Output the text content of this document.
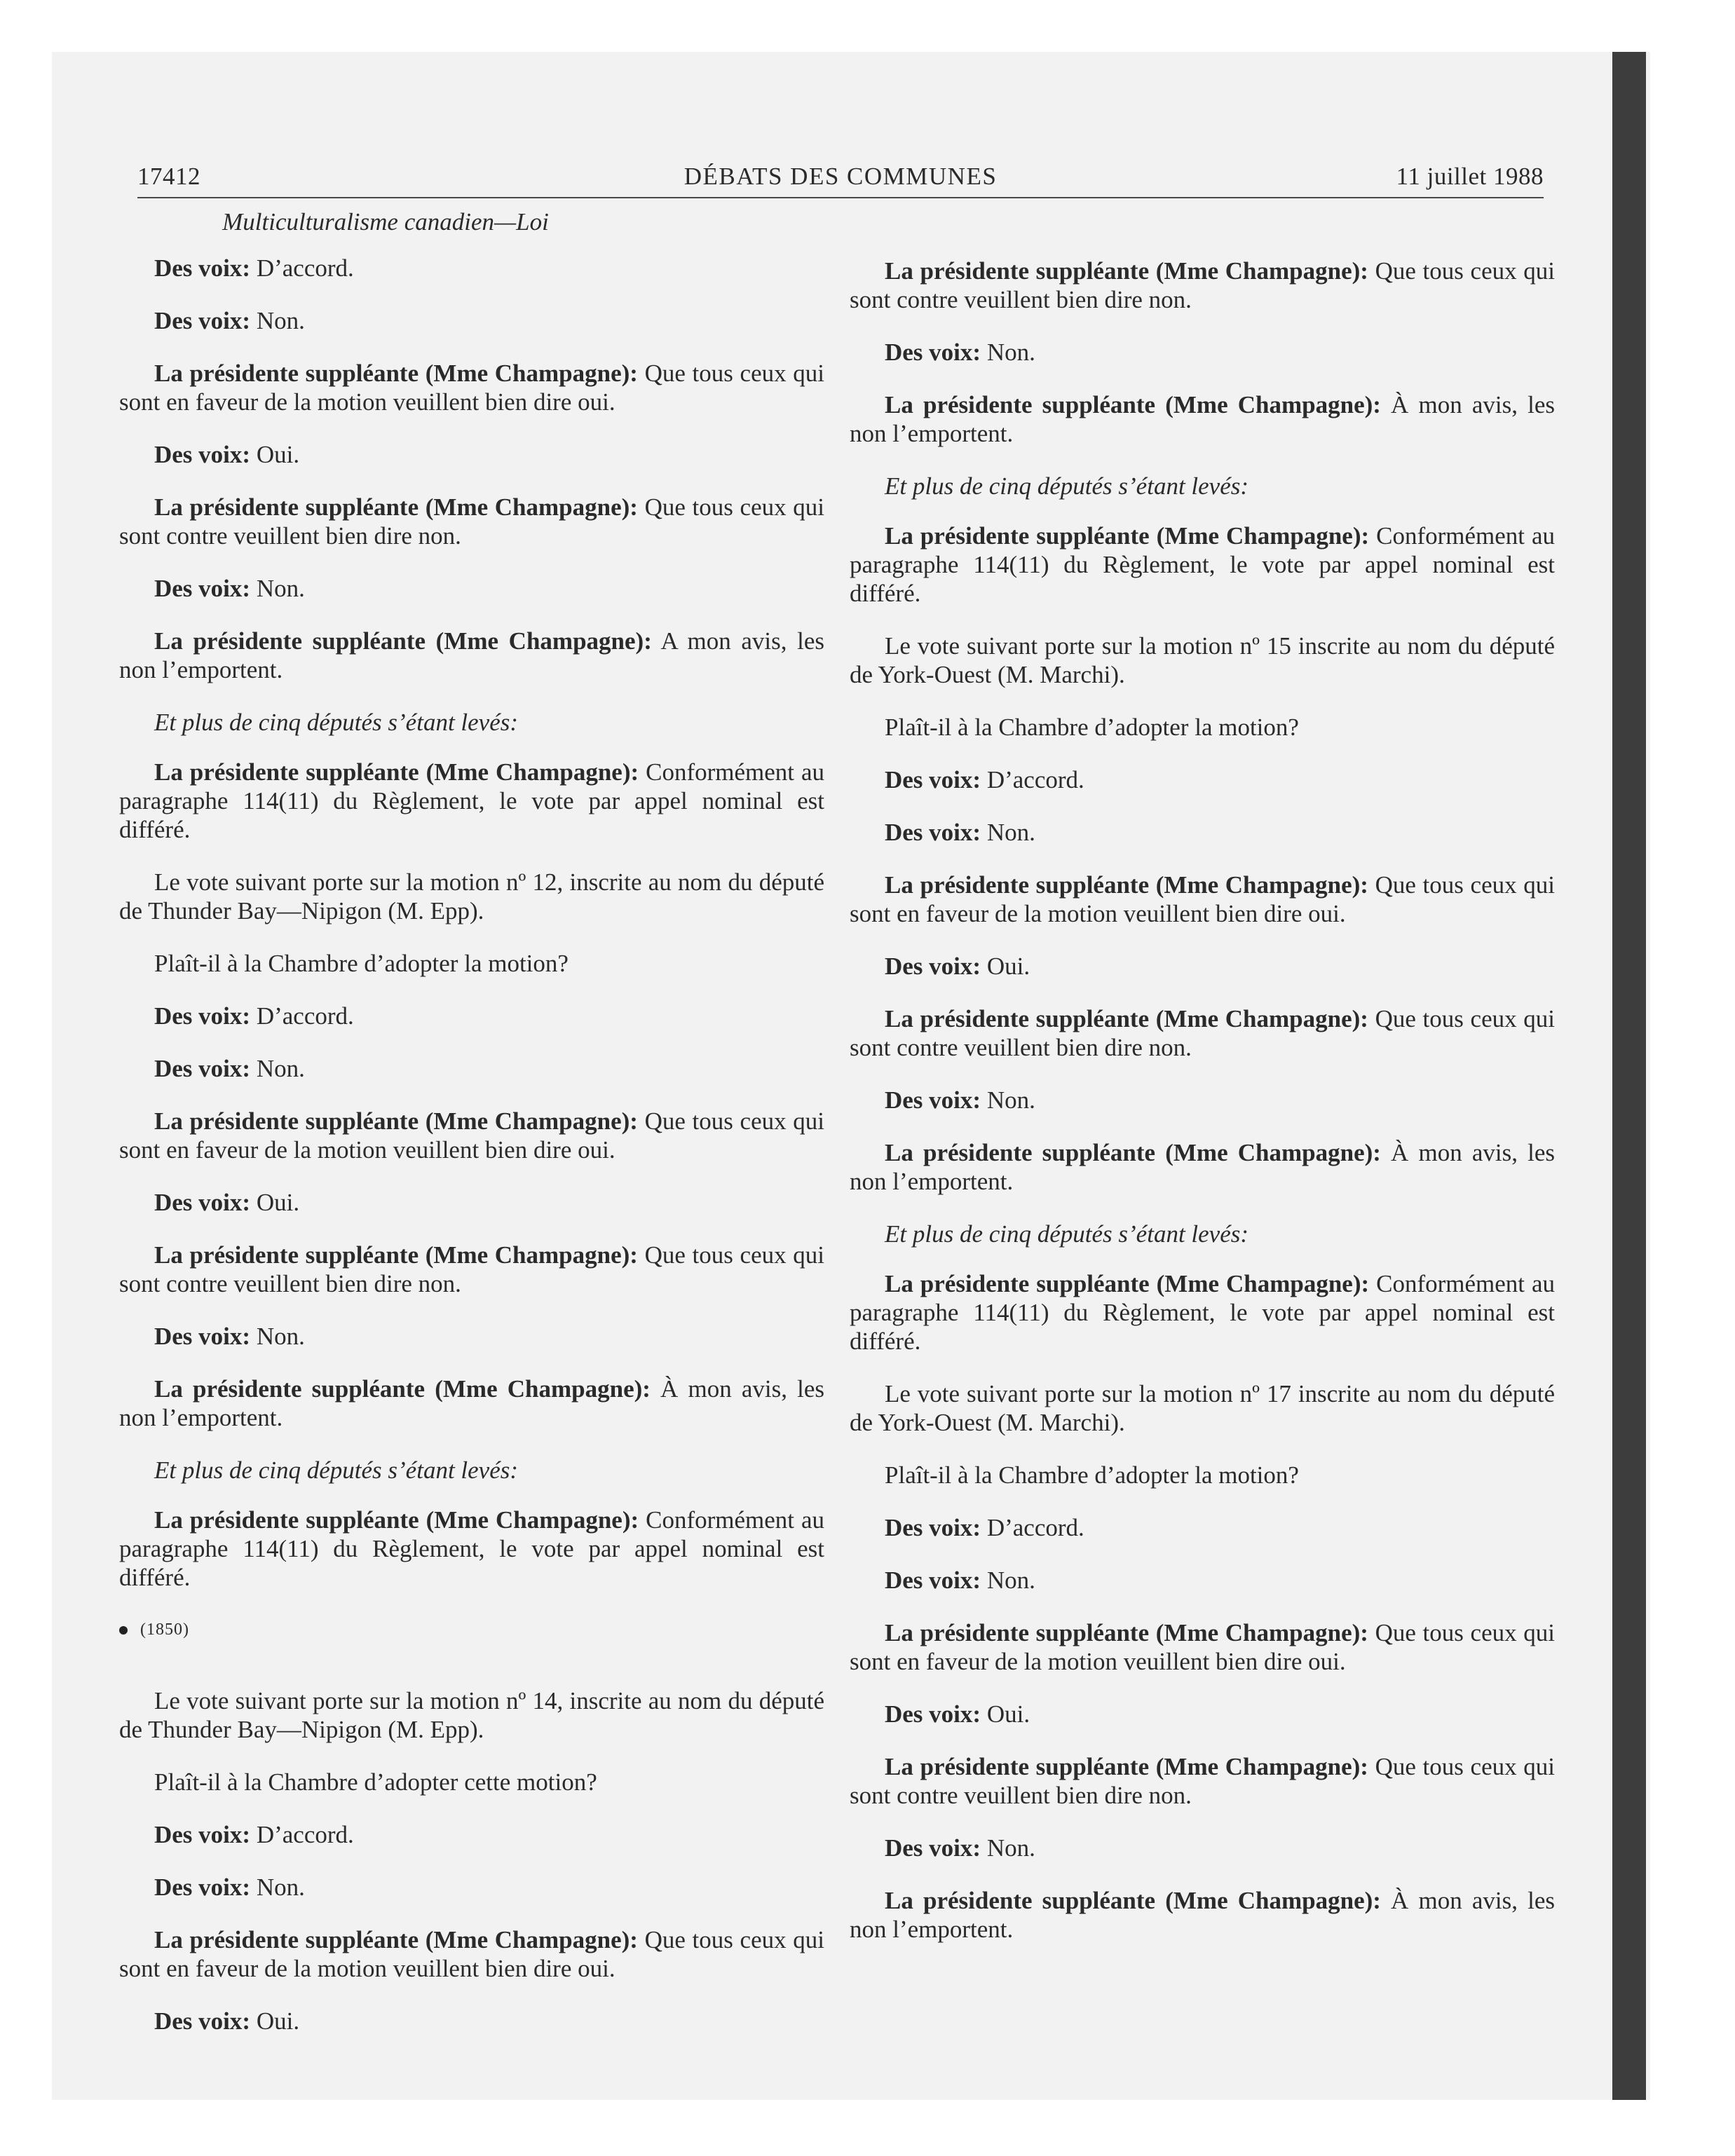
17412	DÉBATS DES COMMUNES	11 juillet 1988
Multiculturalisme canadien—Loi

Des voix: D’accord.

Des voix: Non.

La présidente suppléante (Mme Champagne): Que tous ceux qui sont en faveur de la motion veuillent bien dire oui.

Des voix: Oui.

La présidente suppléante (Mme Champagne): Que tous ceux qui sont contre veuillent bien dire non.

Des voix: Non.

La présidente suppléante (Mme Champagne): A mon avis, les non l’emportent.

Et plus de cinq députés s’étant levés:

La présidente suppléante (Mme Champagne): Conformément au paragraphe 114(11) du Règlement, le vote par appel nominal est différé.

Le vote suivant porte sur la motion nº 12, inscrite au nom du député de Thunder Bay—Nipigon (M. Epp).

Plaît-il à la Chambre d’adopter la motion?

Des voix: D’accord.

Des voix: Non.

La présidente suppléante (Mme Champagne): Que tous ceux qui sont en faveur de la motion veuillent bien dire oui.

Des voix: Oui.

La présidente suppléante (Mme Champagne): Que tous ceux qui sont contre veuillent bien dire non.

Des voix: Non.

La présidente suppléante (Mme Champagne): À mon avis, les non l’emportent.

Et plus de cinq députés s’étant levés:

La présidente suppléante (Mme Champagne): Conformément au paragraphe 114(11) du Règlement, le vote par appel nominal est différé.

(1850)

Le vote suivant porte sur la motion nº 14, inscrite au nom du député de Thunder Bay—Nipigon (M. Epp).

Plaît-il à la Chambre d’adopter cette motion?

Des voix: D’accord.

Des voix: Non.

La présidente suppléante (Mme Champagne): Que tous ceux qui sont en faveur de la motion veuillent bien dire oui.

Des voix: Oui.

La présidente suppléante (Mme Champagne): Que tous ceux qui sont contre veuillent bien dire non.

Des voix: Non.

La présidente suppléante (Mme Champagne): À mon avis, les non l’emportent.

Et plus de cinq députés s’étant levés:

La présidente suppléante (Mme Champagne): Conformément au paragraphe 114(11) du Règlement, le vote par appel nominal est différé.

Le vote suivant porte sur la motion nº 15 inscrite au nom du député de York-Ouest (M. Marchi).

Plaît-il à la Chambre d’adopter la motion?

Des voix: D’accord.

Des voix: Non.

La présidente suppléante (Mme Champagne): Que tous ceux qui sont en faveur de la motion veuillent bien dire oui.

Des voix: Oui.

La présidente suppléante (Mme Champagne): Que tous ceux qui sont contre veuillent bien dire non.

Des voix: Non.

La présidente suppléante (Mme Champagne): À mon avis, les non l’emportent.

Et plus de cinq députés s’étant levés:

La présidente suppléante (Mme Champagne): Conformément au paragraphe 114(11) du Règlement, le vote par appel nominal est différé.

Le vote suivant porte sur la motion nº 17 inscrite au nom du député de York-Ouest (M. Marchi).

Plaît-il à la Chambre d’adopter la motion?

Des voix: D’accord.

Des voix: Non.

La présidente suppléante (Mme Champagne): Que tous ceux qui sont en faveur de la motion veuillent bien dire oui.

Des voix: Oui.

La présidente suppléante (Mme Champagne): Que tous ceux qui sont contre veuillent bien dire non.

Des voix: Non.

La présidente suppléante (Mme Champagne): À mon avis, les non l’emportent.
